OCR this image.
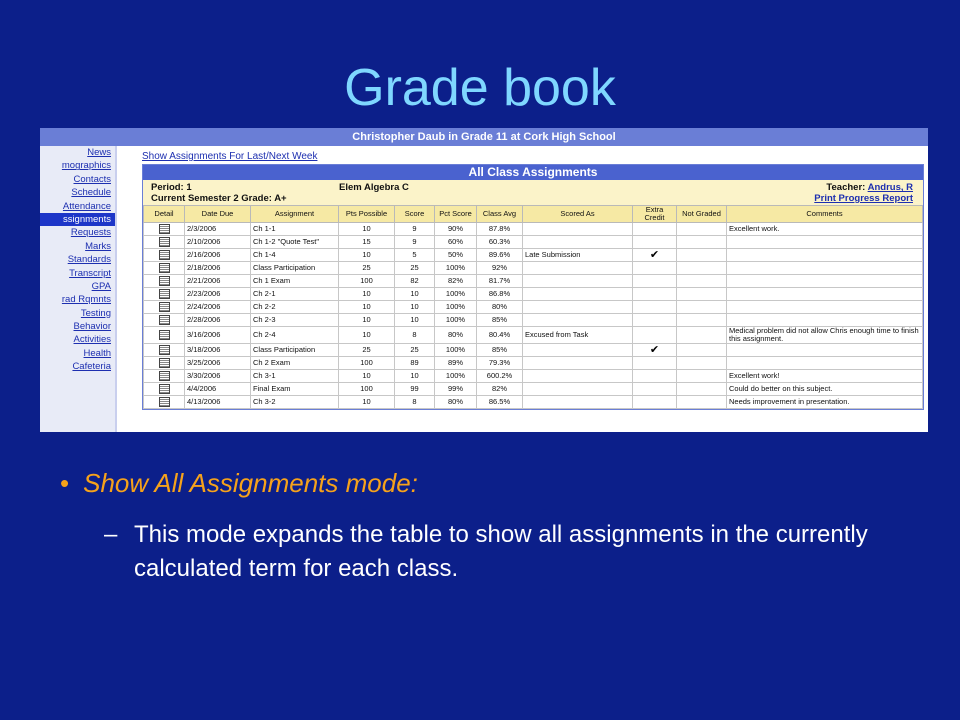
Grade book
Christopher Daub in Grade 11 at Cork High School
News
mographics
Contacts
Schedule
Attendance
ssignments
Requests
Marks
Standards
Transcript
GPA
rad Rqmnts
Testing
Behavior
Activities
Health
Cafeteria
Show Assignments For Last/Next Week
All Class Assignments
Period: 1
Current Semester 2 Grade: A+
Elem Algebra C	Teacher: Andrus, R
Print Progress Report
Detail	Date Due	Assignment	Pts Possible	Score	Pct Score	Class Avg	Scored As	Extra Credit	Not Graded	Comments
	2/3/2006	Ch 1-1	10	9	90%	87.8%				Excellent work.
	2/10/2006	Ch 1-2 "Quote Test"	15	9	60%	60.3%				
	2/16/2006	Ch 1-4	10	5	50%	89.6%	Late Submission	✔		
	2/18/2006	Class Participation	25	25	100%	92%				
	2/21/2006	Ch 1 Exam	100	82	82%	81.7%				
	2/23/2006	Ch 2-1	10	10	100%	86.8%				
	2/24/2006	Ch 2-2	10	10	100%	80%				
	2/28/2006	Ch 2-3	10	10	100%	85%				
	3/16/2006	Ch 2-4	10	8	80%	80.4%	Excused from Task			Medical problem did not allow Chris enough time to finish this assignment.
	3/18/2006	Class Participation	25	25	100%	85%		✔		
	3/25/2006	Ch 2 Exam	100	89	89%	79.3%				
	3/30/2006	Ch 3-1	10	10	100%	600.2%				Excellent work!
	4/4/2006	Final Exam	100	99	99%	82%				Could do better on this subject.
	4/13/2006	Ch 3-2	10	8	80%	86.5%				Needs improvement in presentation.
• Show All Assignments mode:
– This mode expands the table to show all assignments in the currently calculated term for each class.
